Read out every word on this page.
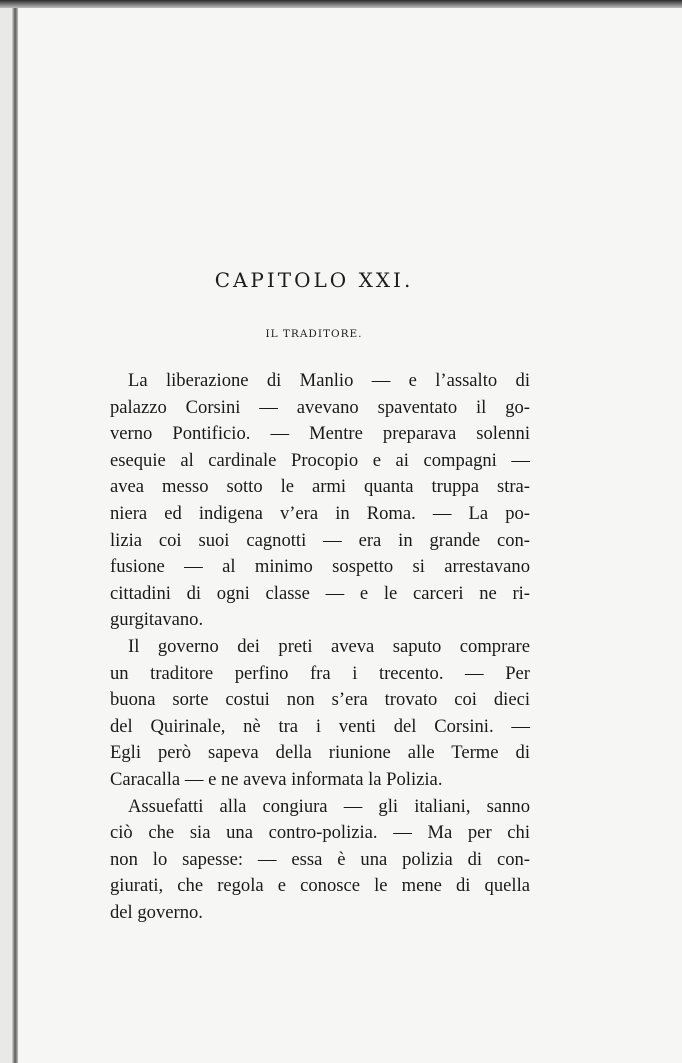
CAPITOLO XXI.
IL TRADITORE.
La liberazione di Manlio — e l’assalto di
palazzo Corsini — avevano spaventato il go-
verno Pontificio. — Mentre preparava solenni
esequie al cardinale Procopio e ai compagni —
avea messo sotto le armi quanta truppa stra-
niera ed indigena v’era in Roma. — La po-
lizia coi suoi cagnotti — era in grande con-
fusione — al minimo sospetto si arrestavano
cittadini di ogni classe — e le carceri ne ri-
gurgitavano.
Il governo dei preti aveva saputo comprare
un traditore perfino fra i trecento. — Per
buona sorte costui non s’era trovato coi dieci
del Quirinale, nè tra i venti del Corsini. —
Egli però sapeva della riunione alle Terme di
Caracalla — e ne aveva informata la Polizia.
Assuefatti alla congiura — gli italiani, sanno
ciò che sia una contro-polizia. — Ma per chi
non lo sapesse: — essa è una polizia di con-
giurati, che regola e conosce le mene di quella
del governo.
